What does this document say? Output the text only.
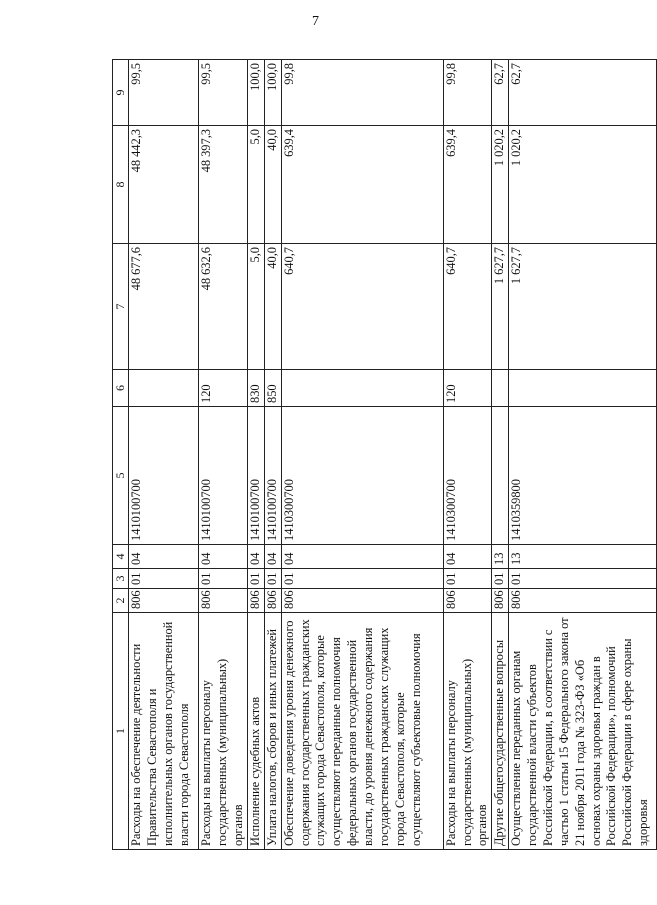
7
1	2	3	4	5	6	7	8	9
Расходы на обеспечение деятельности Правительства Севастополя и исполнительных органов государственной власти города Севастополя	806	01	04	1410100700		48 677,6	48 442,3	99,5
Расходы на выплаты персоналу государственных (муниципальных) органов	806	01	04	1410100700	120	48 632,6	48 397,3	99,5
Исполнение судебных актов	806	01	04	1410100700	830	5,0	5,0	100,0
Уплата налогов, сборов и иных платежей	806	01	04	1410100700	850	40,0	40,0	100,0
Обеспечение доведения уровня денежного содержания государственных гражданских служащих города Севастополя, которые осуществляют переданные полномочия федеральных органов государственной власти, до уровня денежного содержания государственных гражданских служащих города Севастополя, которые осуществляют субъектовые полномочия	806	01	04	1410300700		640,7	639,4	99,8
Расходы на выплаты персоналу государственных (муниципальных) органов	806	01	04	1410300700	120	640,7	639,4	99,8
Другие общегосударственные вопросы	806	01	13			1 627,7	1 020,2	62,7
Осуществление переданных органам государственной власти субъектов Российской Федерации, в соответствии с частью 1 статьи 15 Федерального закона от 21 ноября 2011 года № 323-ФЗ «Об основах охраны здоровья граждан в Российской Федерации», полномочий Российской Федерации в сфере охраны здоровья	806	01	13	1410359800		1 627,7	1 020,2	62,7
